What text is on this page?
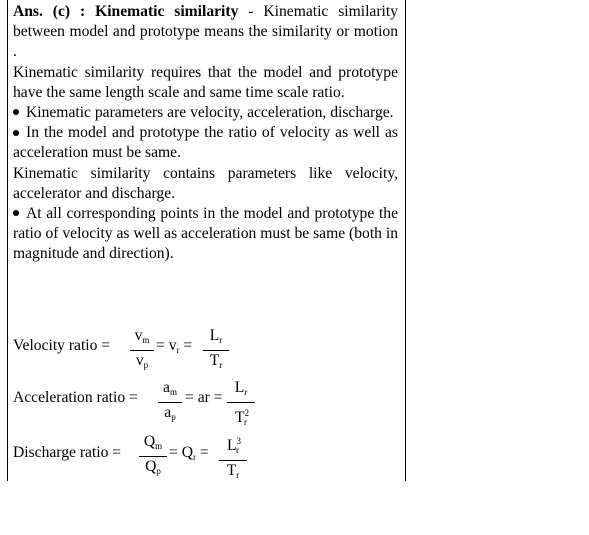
Ans. (c) : Kinematic similarity - Kinematic similarity between model and prototype means the similarity or motion .

Kinematic similarity requires that the model and prototype have the same length scale and same time scale ratio.

Kinematic parameters are velocity, acceleration, discharge.

In the model and prototype the ratio of velocity as well as acceleration must be same.

Kinematic similarity contains parameters like velocity, accelerator and discharge.

At all corresponding points in the model and prototype the ratio of velocity as well as acceleration must be same (both in magnitude and direction).

Velocity ratio =
$v_m$
$v_p$
= $v_r$ =
$L_r$
$T_r$
Acceleration ratio =
$a_m$
$a_p$
= ar =
$L_r$
$T^2_r$
Discharge ratio =
$Q_m$
$Q_p$
= $Q_r$ =	$L^3_r$
$T_r$
